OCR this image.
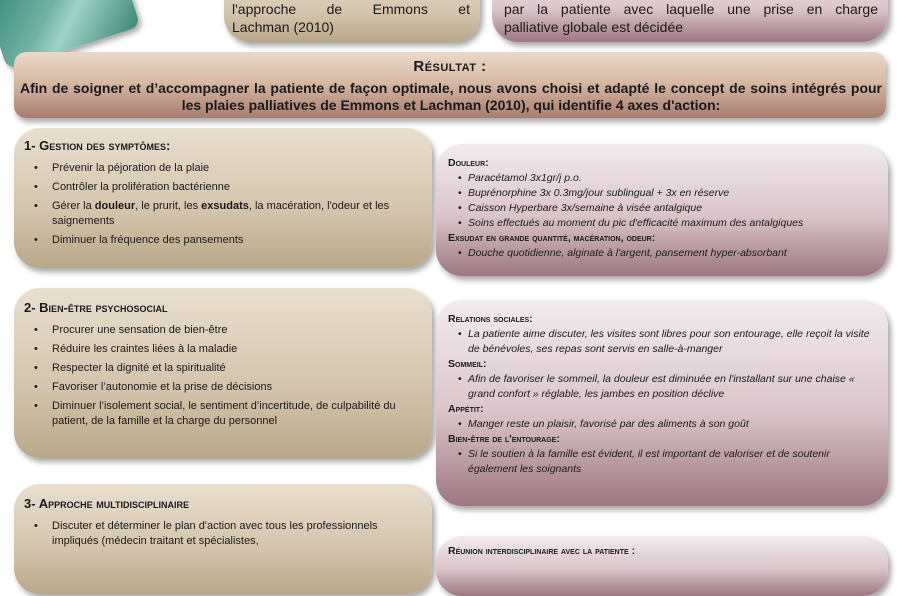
l'approche de Emmons et
Lachman (2010)
par la patiente avec laquelle une prise en charge
palliative globale est décidée
Résultat :
Afin de soigner et d’accompagner la patiente de façon optimale, nous avons choisi et adapté le concept de soins intégrés pour les plaies palliatives de Emmons et Lachman (2010), qui identifie 4 axes d'action:
1- Gestion des symptômes:
• Prévenir la péjoration de la plaie
• Contrôler la prolifération bactérienne
• Gérer la douleur, le prurit, les exsudats, la macération, l'odeur et les saignements
• Diminuer la fréquence des pansements
Douleur:
• Paracétamol 3x1gr/j p.o.
• Buprénorphine 3x 0.3mg/jour sublingual + 3x en réserve
• Caisson Hyperbare 3x/semaine à visée antalgique
• Soins effectués au moment du pic d'efficacité maximum des antalgiques
Exsudat en grande quantité, macération, odeur:
• Douche quotidienne, alginate à l'argent, pansement hyper-absorbant
2- Bien-être psychosocial
• Procurer une sensation de bien-être
• Réduire les craintes liées à la maladie
• Respecter la dignité et la spiritualité
• Favoriser l’autonomie et la prise de décisions
• Diminuer l’isolement social, le sentiment d’incertitude, de culpabilité du patient, de la famille et la charge du personnel
Relations sociales:
• La patiente aime discuter, les visites sont libres pour son entourage, elle reçoit la visite de bénévoles, ses repas sont servis en salle-à-manger
Sommeil:
• Afin de favoriser le sommeil, la douleur est diminuée en l'installant sur une chaise « grand confort » réglable, les jambes en position déclive
Appétit:
• Manger reste un plaisir, favorisé par des aliments à son goût
Bien-être de l'entourage:
• Si le soutien à la famille est évident, il est important de valoriser et de soutenir également les soignants
3- Approche multidisciplinaire
• Discuter et déterminer le plan d'action avec tous les professionnels impliqués (médecin traitant et spécialistes,
Réunion interdisciplinaire avec la patiente :
